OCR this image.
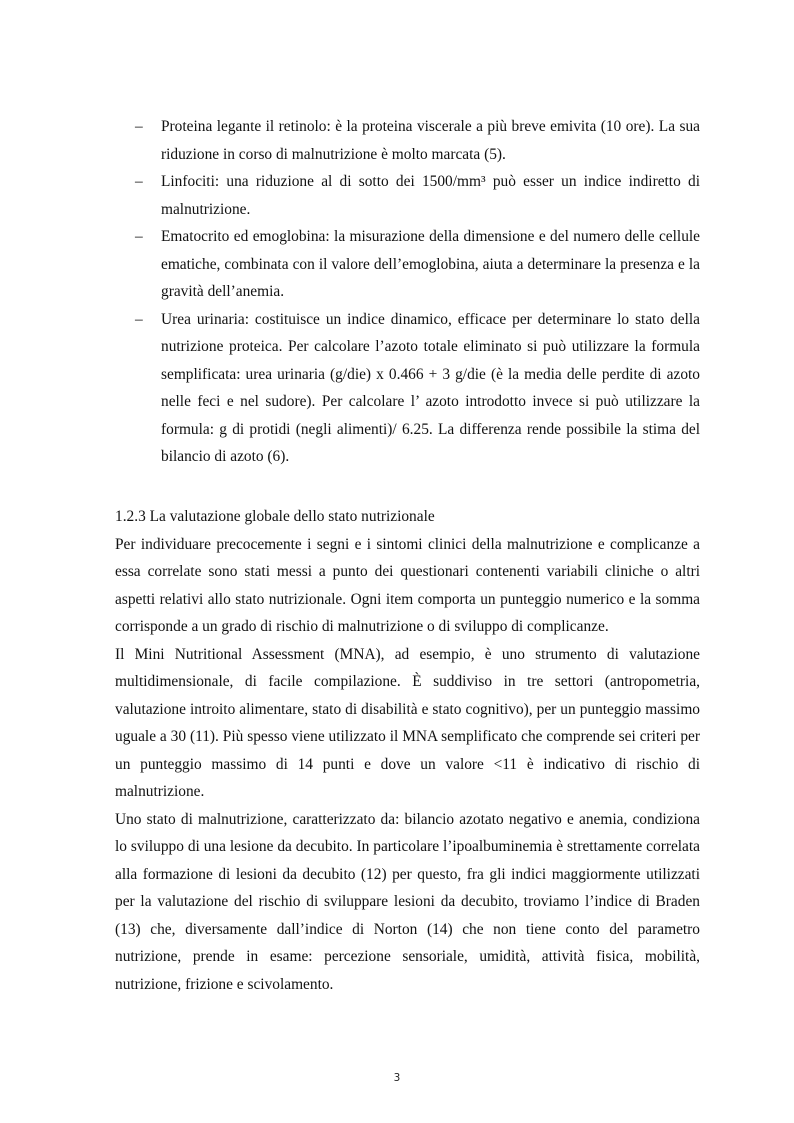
– Proteina legante il retinolo: è la proteina viscerale a più breve emivita (10 ore). La sua riduzione in corso di malnutrizione è molto marcata (5).
– Linfociti: una riduzione al di sotto dei 1500/mm³ può esser un indice indiretto di malnutrizione.
– Ematocrito ed emoglobina: la misurazione della dimensione e del numero delle cellule ematiche, combinata con il valore dell’emoglobina, aiuta a determinare la presenza e la gravità dell’anemia.
– Urea urinaria: costituisce un indice dinamico, efficace per determinare lo stato della nutrizione proteica. Per calcolare l’azoto totale eliminato si può utilizzare la formula semplificata: urea urinaria (g/die) x 0.466 + 3 g/die (è la media delle perdite di azoto nelle feci e nel sudore). Per calcolare l’ azoto introdotto invece si può utilizzare la formula: g di protidi (negli alimenti)/ 6.25. La differenza rende possibile la stima del bilancio di azoto (6).

1.2.3 La valutazione globale dello stato nutrizionale

Per individuare precocemente i segni e i sintomi clinici della malnutrizione e complicanze a essa correlate sono stati messi a punto dei questionari contenenti variabili cliniche o altri aspetti relativi allo stato nutrizionale. Ogni item comporta un punteggio numerico e la somma corrisponde a un grado di rischio di malnutrizione o di sviluppo di complicanze.

Il Mini Nutritional Assessment (MNA), ad esempio, è uno strumento di valutazione multidimensionale, di facile compilazione. È suddiviso in tre settori (antropometria, valutazione introito alimentare, stato di disabilità e stato cognitivo), per un punteggio massimo uguale a 30 (11). Più spesso viene utilizzato il MNA semplificato che comprende sei criteri per un punteggio massimo di 14 punti e dove un valore <11 è indicativo di rischio di malnutrizione.

Uno stato di malnutrizione, caratterizzato da: bilancio azotato negativo e anemia, condiziona lo sviluppo di una lesione da decubito. In particolare l’ipoalbuminemia è strettamente correlata alla formazione di lesioni da decubito (12) per questo, fra gli indici maggiormente utilizzati per la valutazione del rischio di sviluppare lesioni da decubito, troviamo l’indice di Braden (13) che, diversamente dall’indice di Norton (14) che non tiene conto del parametro nutrizione, prende in esame: percezione sensoriale, umidità, attività fisica, mobilità, nutrizione, frizione e scivolamento.

3
